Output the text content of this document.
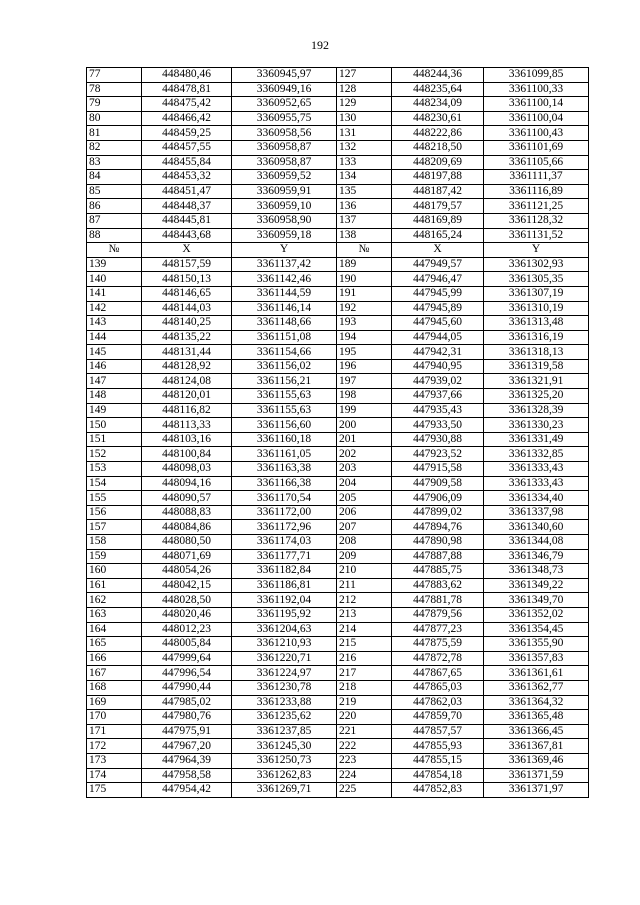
192
77	448480,46	3360945,97	127	448244,36	3361099,85
78	448478,81	3360949,16	128	448235,64	3361100,33
79	448475,42	3360952,65	129	448234,09	3361100,14
80	448466,42	3360955,75	130	448230,61	3361100,04
81	448459,25	3360958,56	131	448222,86	3361100,43
82	448457,55	3360958,87	132	448218,50	3361101,69
83	448455,84	3360958,87	133	448209,69	3361105,66
84	448453,32	3360959,52	134	448197,88	3361111,37
85	448451,47	3360959,91	135	448187,42	3361116,89
86	448448,37	3360959,10	136	448179,57	3361121,25
87	448445,81	3360958,90	137	448169,89	3361128,32
88	448443,68	3360959,18	138	448165,24	3361131,52
№	X	Y	№	X	Y
139	448157,59	3361137,42	189	447949,57	3361302,93
140	448150,13	3361142,46	190	447946,47	3361305,35
141	448146,65	3361144,59	191	447945,99	3361307,19
142	448144,03	3361146,14	192	447945,89	3361310,19
143	448140,25	3361148,66	193	447945,60	3361313,48
144	448135,22	3361151,08	194	447944,05	3361316,19
145	448131,44	3361154,66	195	447942,31	3361318,13
146	448128,92	3361156,02	196	447940,95	3361319,58
147	448124,08	3361156,21	197	447939,02	3361321,91
148	448120,01	3361155,63	198	447937,66	3361325,20
149	448116,82	3361155,63	199	447935,43	3361328,39
150	448113,33	3361156,60	200	447933,50	3361330,23
151	448103,16	3361160,18	201	447930,88	3361331,49
152	448100,84	3361161,05	202	447923,52	3361332,85
153	448098,03	3361163,38	203	447915,58	3361333,43
154	448094,16	3361166,38	204	447909,58	3361333,43
155	448090,57	3361170,54	205	447906,09	3361334,40
156	448088,83	3361172,00	206	447899,02	3361337,98
157	448084,86	3361172,96	207	447894,76	3361340,60
158	448080,50	3361174,03	208	447890,98	3361344,08
159	448071,69	3361177,71	209	447887,88	3361346,79
160	448054,26	3361182,84	210	447885,75	3361348,73
161	448042,15	3361186,81	211	447883,62	3361349,22
162	448028,50	3361192,04	212	447881,78	3361349,70
163	448020,46	3361195,92	213	447879,56	3361352,02
164	448012,23	3361204,63	214	447877,23	3361354,45
165	448005,84	3361210,93	215	447875,59	3361355,90
166	447999,64	3361220,71	216	447872,78	3361357,83
167	447996,54	3361224,97	217	447867,65	3361361,61
168	447990,44	3361230,78	218	447865,03	3361362,77
169	447985,02	3361233,88	219	447862,03	3361364,32
170	447980,76	3361235,62	220	447859,70	3361365,48
171	447975,91	3361237,85	221	447857,57	3361366,45
172	447967,20	3361245,30	222	447855,93	3361367,81
173	447964,39	3361250,73	223	447855,15	3361369,46
174	447958,58	3361262,83	224	447854,18	3361371,59
175	447954,42	3361269,71	225	447852,83	3361371,97
